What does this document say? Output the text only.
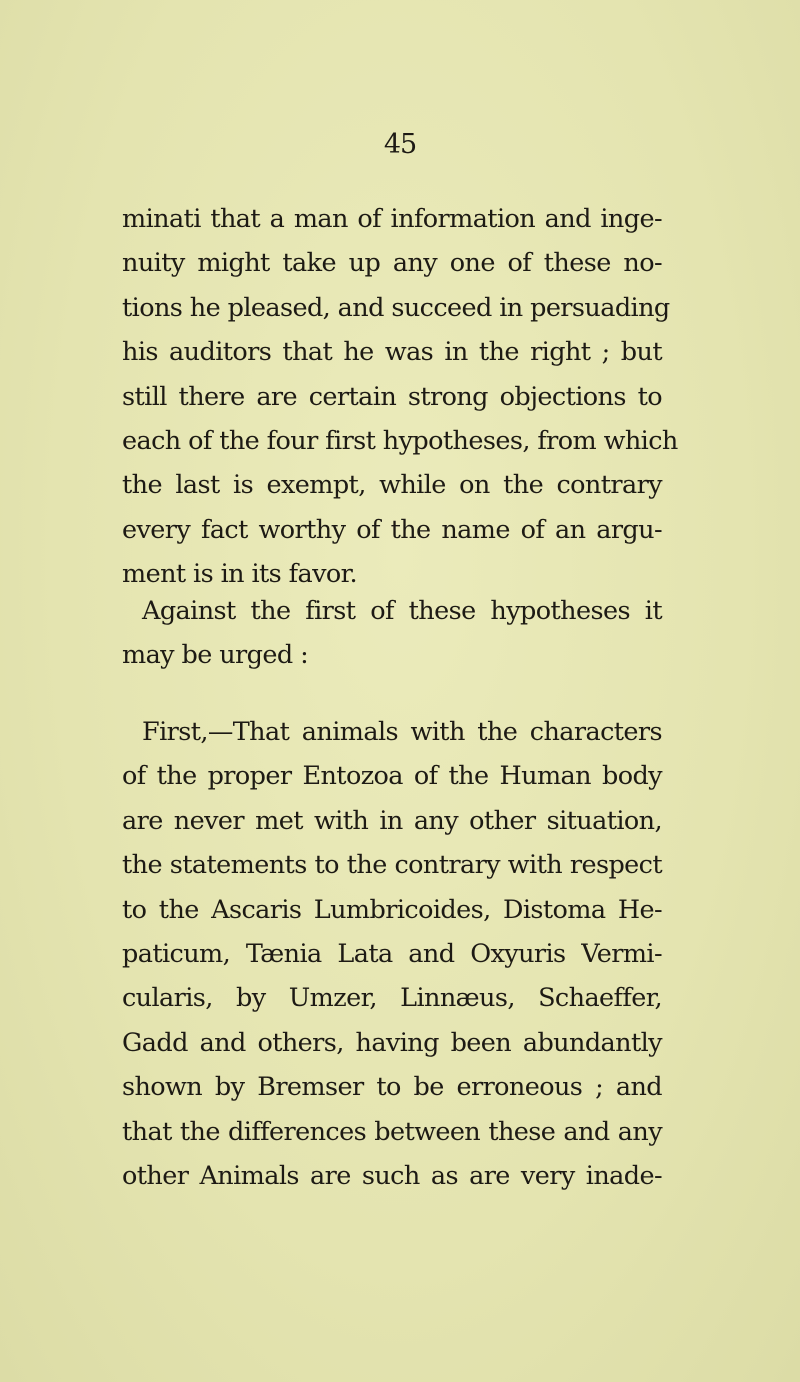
45
minati that a man of information and inge-
nuity might take up any one of these no-
tions he pleased, and succeed in persuading
his auditors that he was in the right ; but
still there are certain strong objections to
each of the four first hypotheses, from which
the last is exempt, while on the contrary
every fact worthy of the name of an argu-
ment is in its favor.
Against the first of these hypotheses it
may be urged :
First,—That animals with the characters
of the proper Entozoa of the Human body
are never met with in any other situation,
the statements to the contrary with respect
to the Ascaris Lumbricoides, Distoma He-
paticum, Tænia Lata and Oxyuris Vermi-
cularis, by Umzer, Linnæus, Schaeffer,
Gadd and others, having been abundantly
shown by Bremser to be erroneous ; and
that the differences between these and any
other Animals are such as are very inade-
